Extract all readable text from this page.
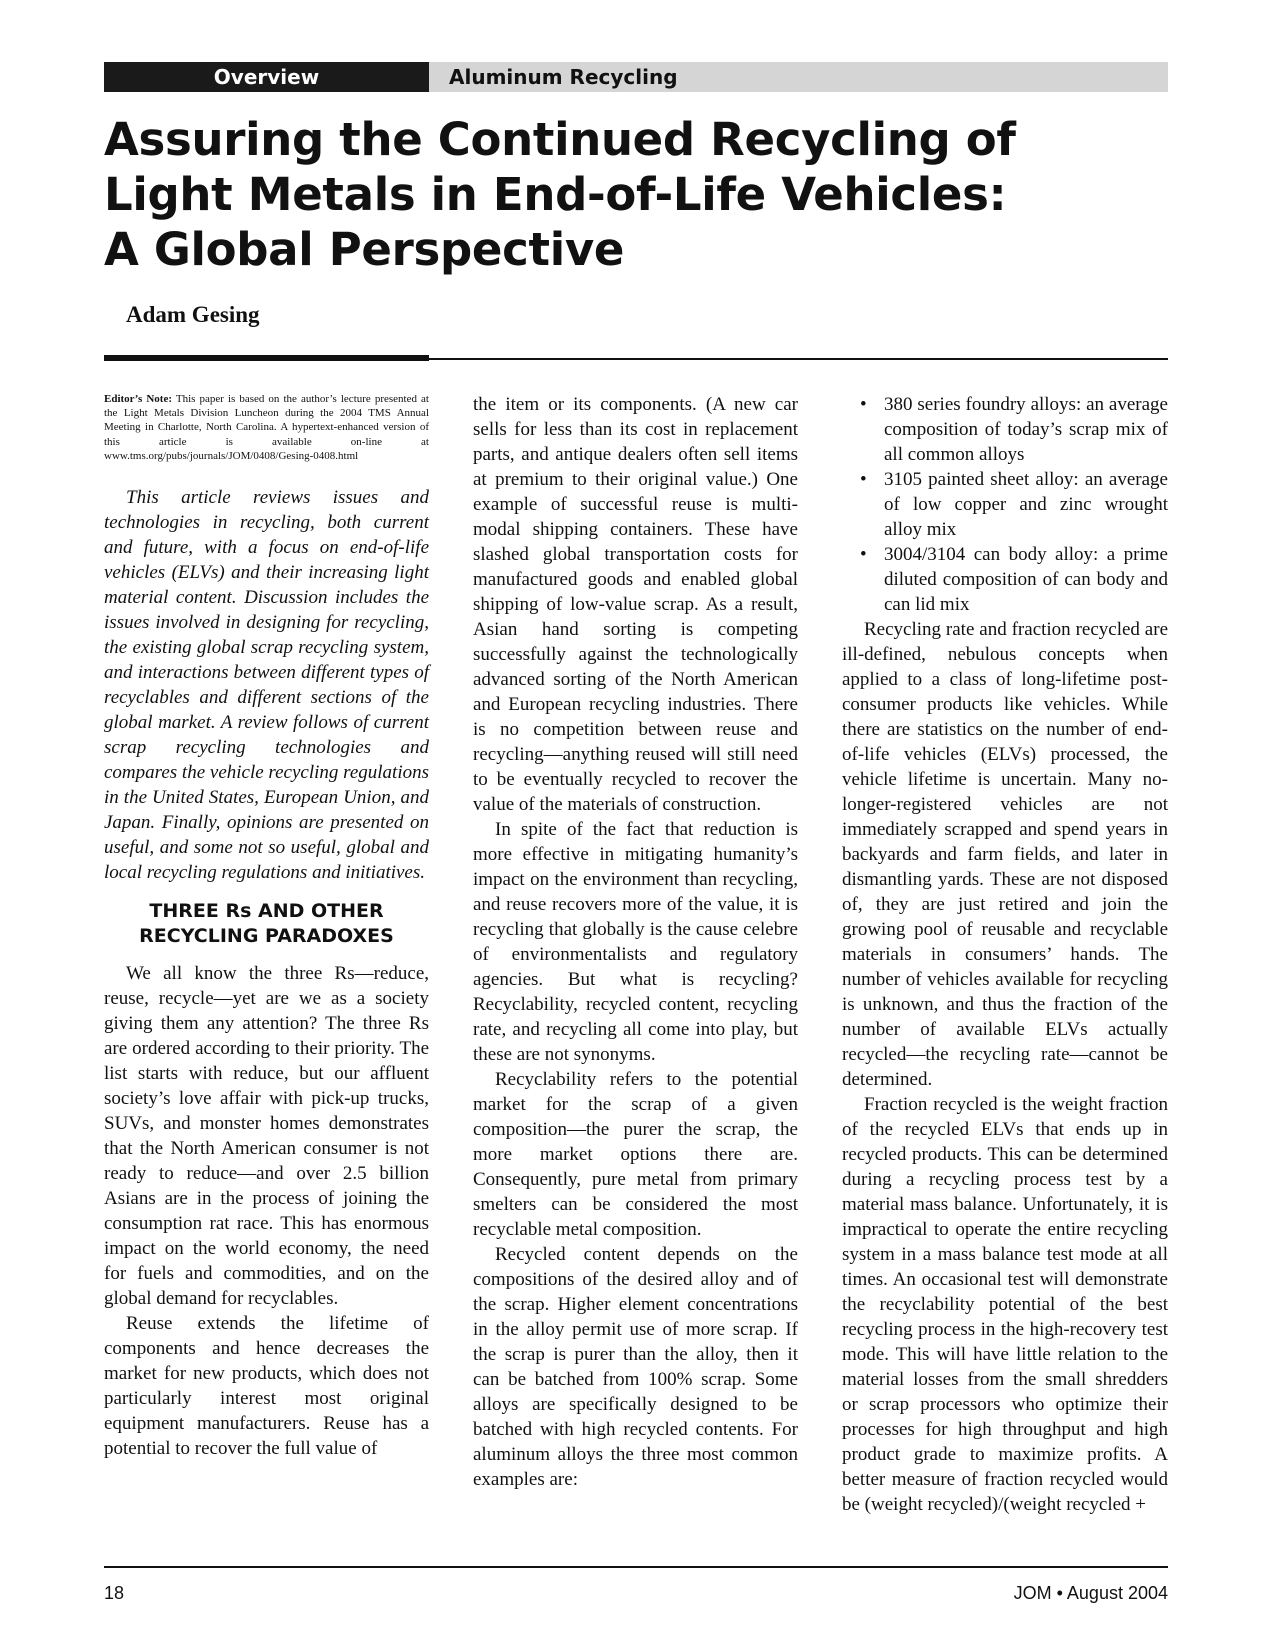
Overview	Aluminum Recycling
Assuring the Continued Recycling of
Light Metals in End-of-Life Vehicles:
A Global Perspective
Adam Gesing

Editor’s Note: This paper is based on the author’s lecture presented at the Light Metals Division Luncheon during the 2004 TMS Annual Meeting in Charlotte, North Carolina. A hypertext-enhanced version of this article is available on-line at www.tms.org/pubs/journals/JOM/0408/Gesing-0408.html

This article reviews issues and technologies in recycling, both current and future, with a focus on end-of-life vehicles (ELVs) and their increasing light material content. Discussion includes the issues involved in designing for recycling, the existing global scrap recycling system, and interactions between different types of recyclables and different sections of the global market. A review follows of current scrap recycling technologies and compares the vehicle recycling regulations in the United States, European Union, and Japan. Finally, opinions are presented on useful, and some not so useful, global and local recycling regulations and initiatives.

THREE Rs AND OTHER
RECYCLING PARADOXES

We all know the three Rs—reduce, reuse, recycle—yet are we as a society giving them any attention? The three Rs are ordered according to their priority. The list starts with reduce, but our affluent society’s love affair with pick-up trucks, SUVs, and monster homes demonstrates that the North American consumer is not ready to reduce—and over 2.5 billion Asians are in the process of joining the consumption rat race. This has enormous impact on the world economy, the need for fuels and commodities, and on the global demand for recyclables.

Reuse extends the lifetime of components and hence decreases the market for new products, which does not particularly interest most original equipment manufacturers. Reuse has a potential to recover the full value of

the item or its components. (A new car sells for less than its cost in replacement parts, and antique dealers often sell items at premium to their original value.) One example of successful reuse is multi-modal shipping containers. These have slashed global transportation costs for manufactured goods and enabled global shipping of low-value scrap. As a result, Asian hand sorting is competing successfully against the technologically advanced sorting of the North American and European recycling industries. There is no competition between reuse and recycling—anything reused will still need to be eventually recycled to recover the value of the materials of construction.

In spite of the fact that reduction is more effective in mitigating humanity’s impact on the environment than recycling, and reuse recovers more of the value, it is recycling that globally is the cause celebre of environmentalists and regulatory agencies. But what is recycling? Recyclability, recycled content, recycling rate, and recycling all come into play, but these are not synonyms.

Recyclability refers to the potential market for the scrap of a given composition—the purer the scrap, the more market options there are. Consequently, pure metal from primary smelters can be considered the most recyclable metal composition.

Recycled content depends on the compositions of the desired alloy and of the scrap. Higher element concentrations in the alloy permit use of more scrap. If the scrap is purer than the alloy, then it can be batched from 100% scrap. Some alloys are specifically designed to be batched with high recycled contents. For aluminum alloys the three most common examples are:

• 380 series foundry alloys: an average composition of today’s scrap mix of all common alloys
• 3105 painted sheet alloy: an average of low copper and zinc wrought alloy mix
• 3004/3104 can body alloy: a prime diluted composition of can body and can lid mix

Recycling rate and fraction recycled are ill-defined, nebulous concepts when applied to a class of long-lifetime post-consumer products like vehicles. While there are statistics on the number of end-of-life vehicles (ELVs) processed, the vehicle lifetime is uncertain. Many no-longer-registered vehicles are not immediately scrapped and spend years in backyards and farm fields, and later in dismantling yards. These are not disposed of, they are just retired and join the growing pool of reusable and recyclable materials in consumers’ hands. The number of vehicles available for recycling is unknown, and thus the fraction of the number of available ELVs actually recycled—the recycling rate—cannot be determined.

Fraction recycled is the weight fraction of the recycled ELVs that ends up in recycled products. This can be determined during a recycling process test by a material mass balance. Unfortunately, it is impractical to operate the entire recycling system in a mass balance test mode at all times. An occasional test will demonstrate the recyclability potential of the best recycling process in the high-recovery test mode. This will have little relation to the material losses from the small shredders or scrap processors who optimize their processes for high throughput and high product grade to maximize profits. A better measure of fraction recycled would be (weight recycled)/(weight recycled +

18	JOM • August 2004
